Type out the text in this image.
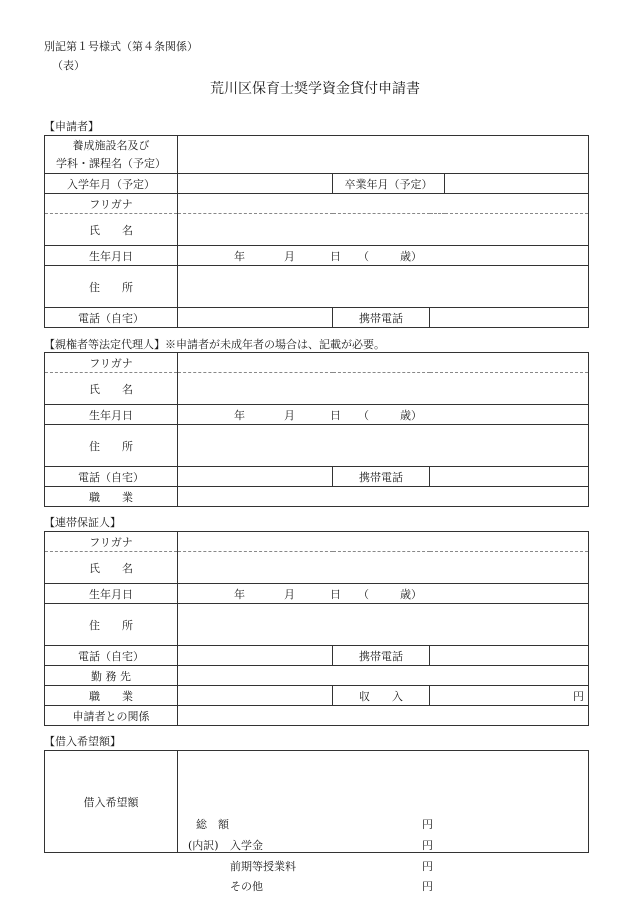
別記第１号様式（第４条関係）
（表）
荒川区保育士奨学資金貸付申請書
【申請者】
養成施設名及び
学科・課程名（予定）				

入学年月（予定）		卒業年月（予定）		
フリガナ				
氏　　名				
生年月日	年 月 日 （ 歳）			

住　　所				
電話（自宅）		携帯電話		
【親権者等法定代理人】※申請者が未成年者の場合は、記載が必要。
フリガナ			
氏　　名			
生年月日	年 月 日 （ 歳）		

住　　所			
電話（自宅）		携帯電話	
職　　業			
【連帯保証人】
フリガナ			
氏　　名			
生年月日	年 月 日 （ 歳）		

住　　所			
電話（自宅）		携帯電話	
勤 務 先			
職　　業		収　　入	円
申請者との関係			
【借入希望額】
借入希望額	
総　額	円
(内訳) 入学金	円
前期等授業料	円
その他	円
